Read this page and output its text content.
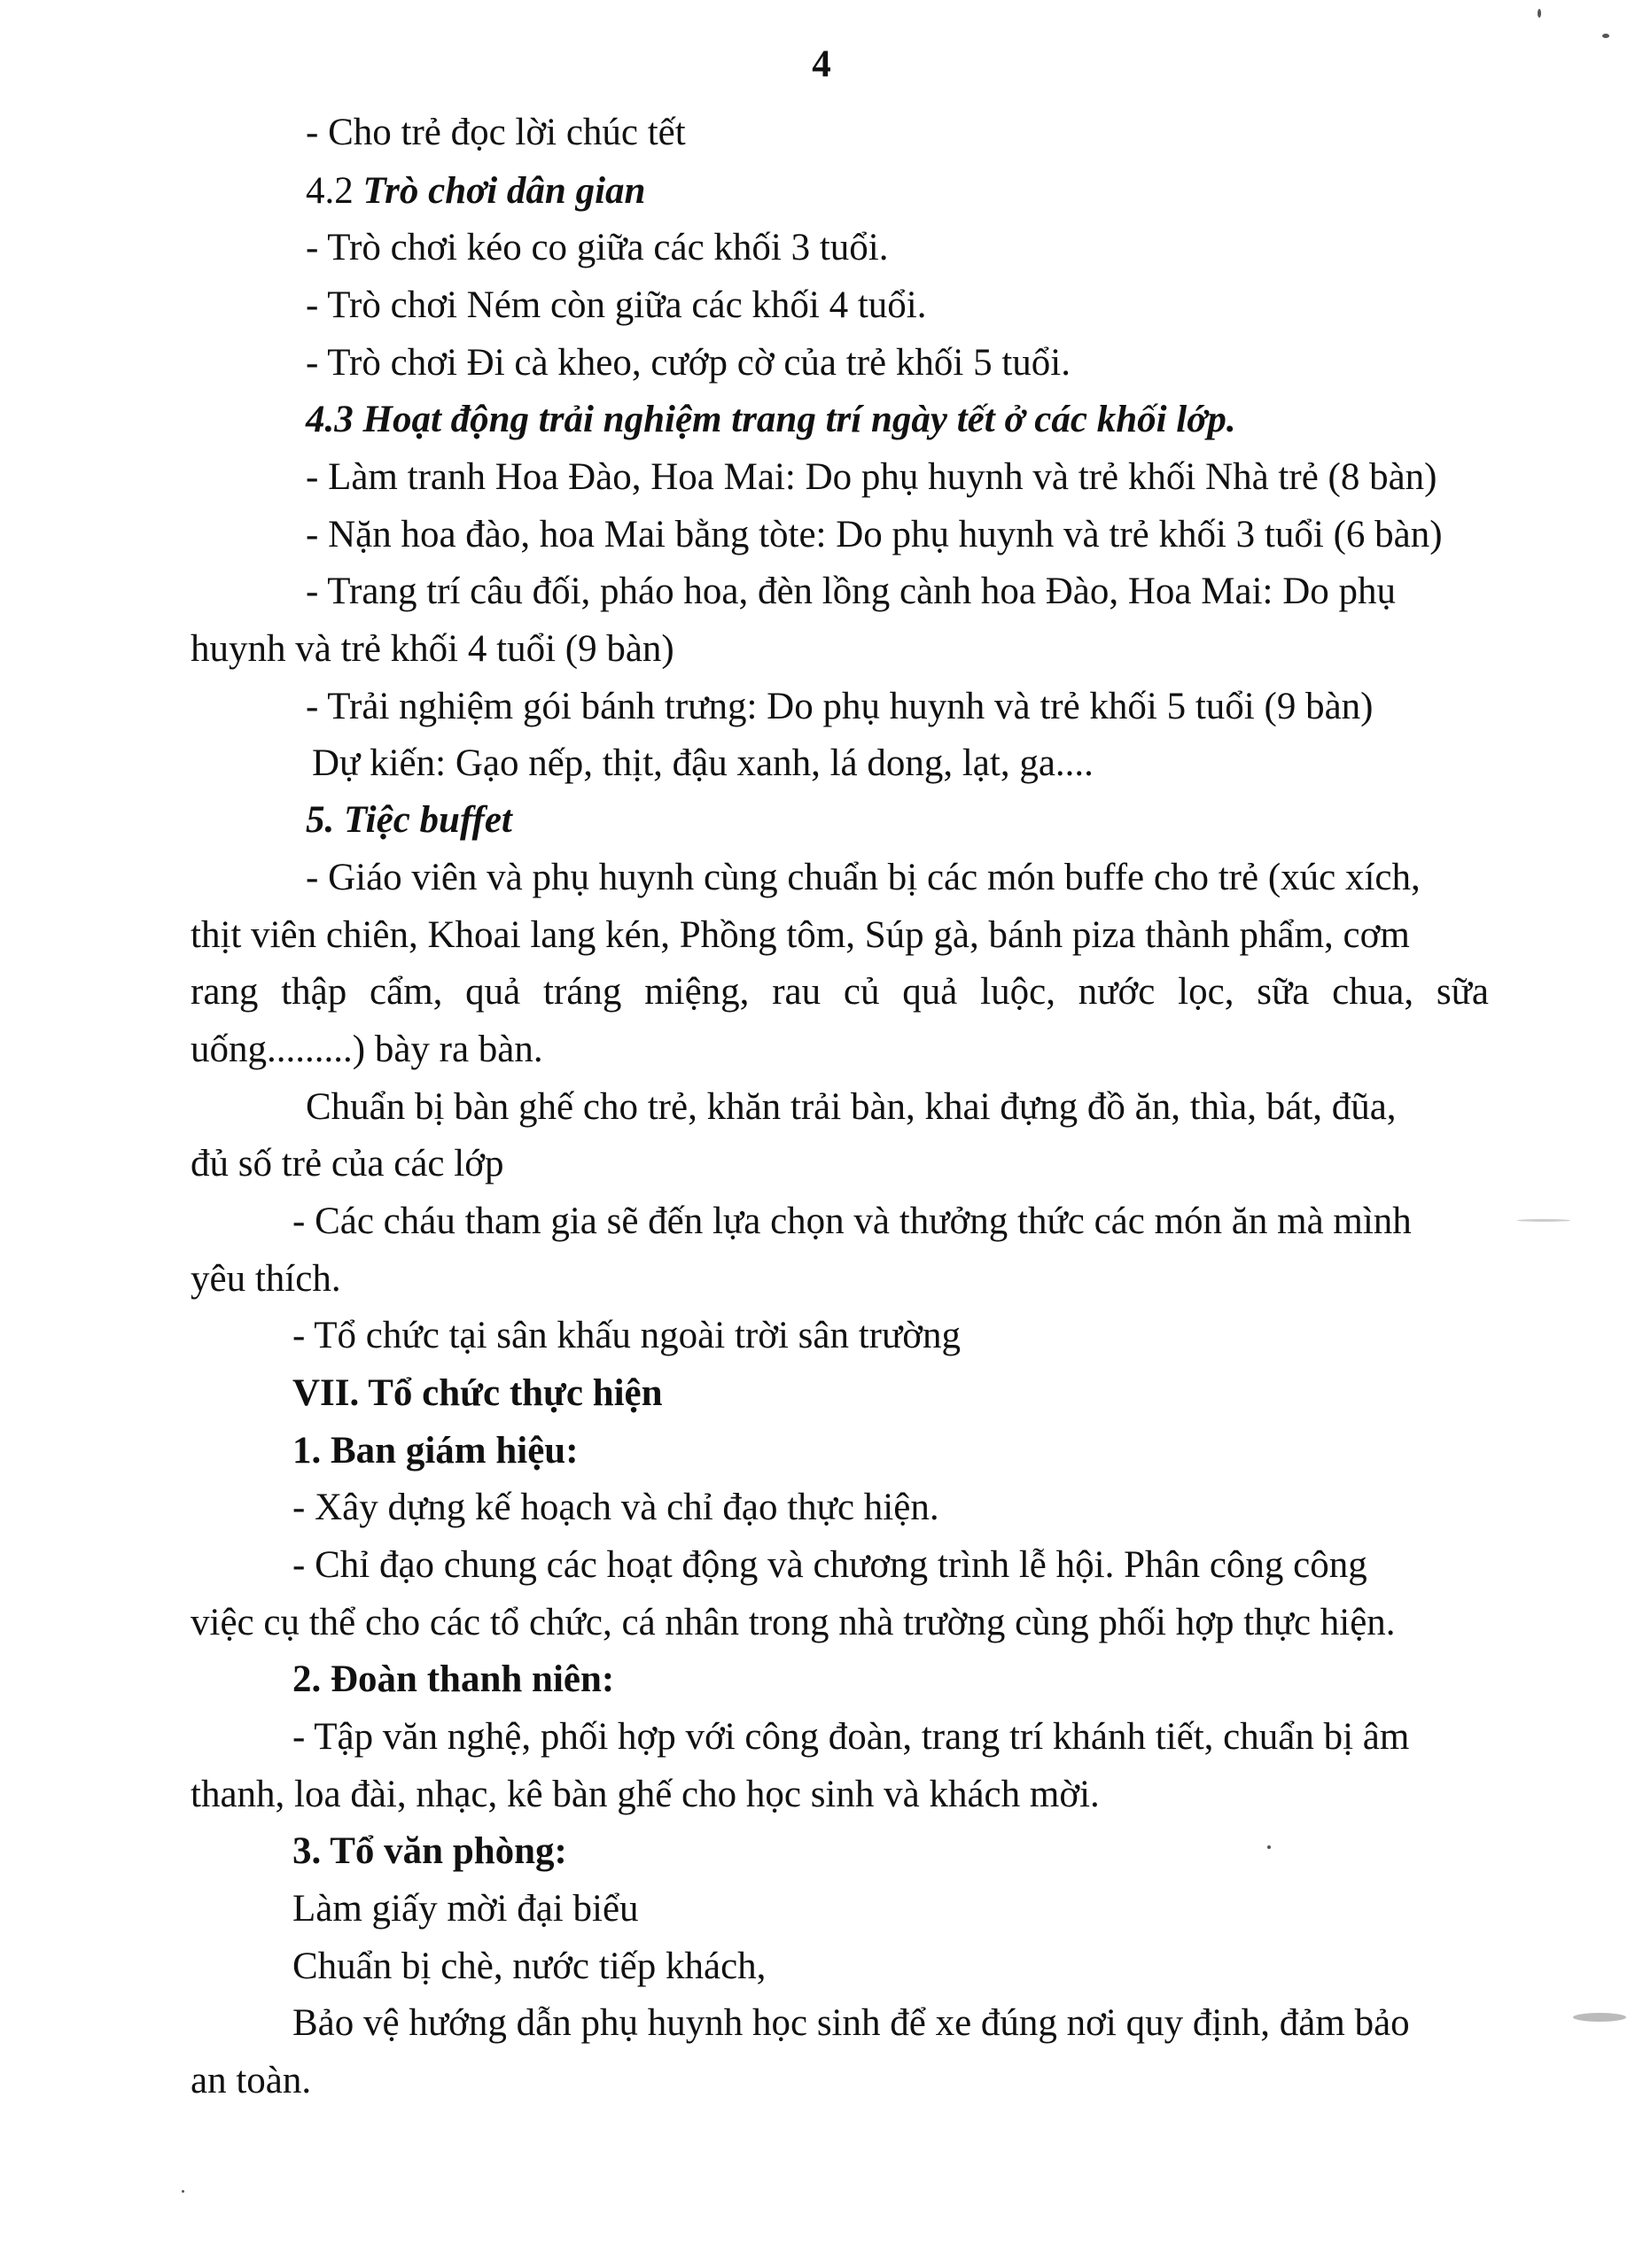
4
- Cho trẻ đọc lời chúc tết
4.2 Trò chơi dân gian
- Trò chơi kéo co giữa các khối 3 tuổi.
- Trò chơi Ném còn giữa các khối 4 tuổi.
- Trò chơi Đi cà kheo, cướp cờ của trẻ khối 5 tuổi.
4.3 Hoạt động trải nghiệm trang trí ngày tết ở các khối lớp.
- Làm tranh Hoa Đào, Hoa Mai: Do phụ huynh và trẻ khối Nhà trẻ (8 bàn)
- Nặn hoa đào, hoa Mai bằng tòte: Do phụ huynh và trẻ khối 3 tuổi (6 bàn)
- Trang trí câu đối, pháo hoa, đèn lồng cành hoa Đào, Hoa Mai: Do phụ
huynh và trẻ khối 4 tuổi (9 bàn)
- Trải nghiệm gói bánh trưng: Do phụ huynh và trẻ khối 5 tuổi (9 bàn)
Dự kiến: Gạo nếp, thịt, đậu xanh, lá dong, lạt, ga....
5. Tiệc buffet
- Giáo viên và phụ huynh cùng chuẩn bị các món buffe cho trẻ (xúc xích,
thịt viên chiên, Khoai lang kén, Phồng tôm, Súp gà, bánh piza thành phẩm, cơm
rang thập cẩm, quả tráng miệng, rau củ quả luộc, nước lọc, sữa chua, sữa
uống.........) bày ra bàn.
Chuẩn bị bàn ghế cho trẻ, khăn trải bàn, khai đựng đồ ăn, thìa, bát, đũa,
đủ số trẻ của các lớp
- Các cháu tham gia sẽ đến lựa chọn và thưởng thức các món ăn mà mình
yêu thích.
- Tổ chức tại sân khấu ngoài trời sân trường
VII. Tổ chức thực hiện
1. Ban giám hiệu:
- Xây dựng kế hoạch và chỉ đạo thực hiện.
- Chỉ đạo chung các hoạt động và chương trình lễ hội. Phân công công
việc cụ thể cho các tổ chức, cá nhân trong nhà trường cùng phối hợp thực hiện.
2. Đoàn thanh niên:
- Tập văn nghệ, phối hợp với công đoàn, trang trí khánh tiết, chuẩn bị âm
thanh, loa đài, nhạc, kê bàn ghế cho học sinh và khách mời.
3. Tổ văn phòng:
Làm giấy mời đại biểu
Chuẩn bị chè, nước tiếp khách,
Bảo vệ hướng dẫn phụ huynh học sinh để xe đúng nơi quy định, đảm bảo
an toàn.
